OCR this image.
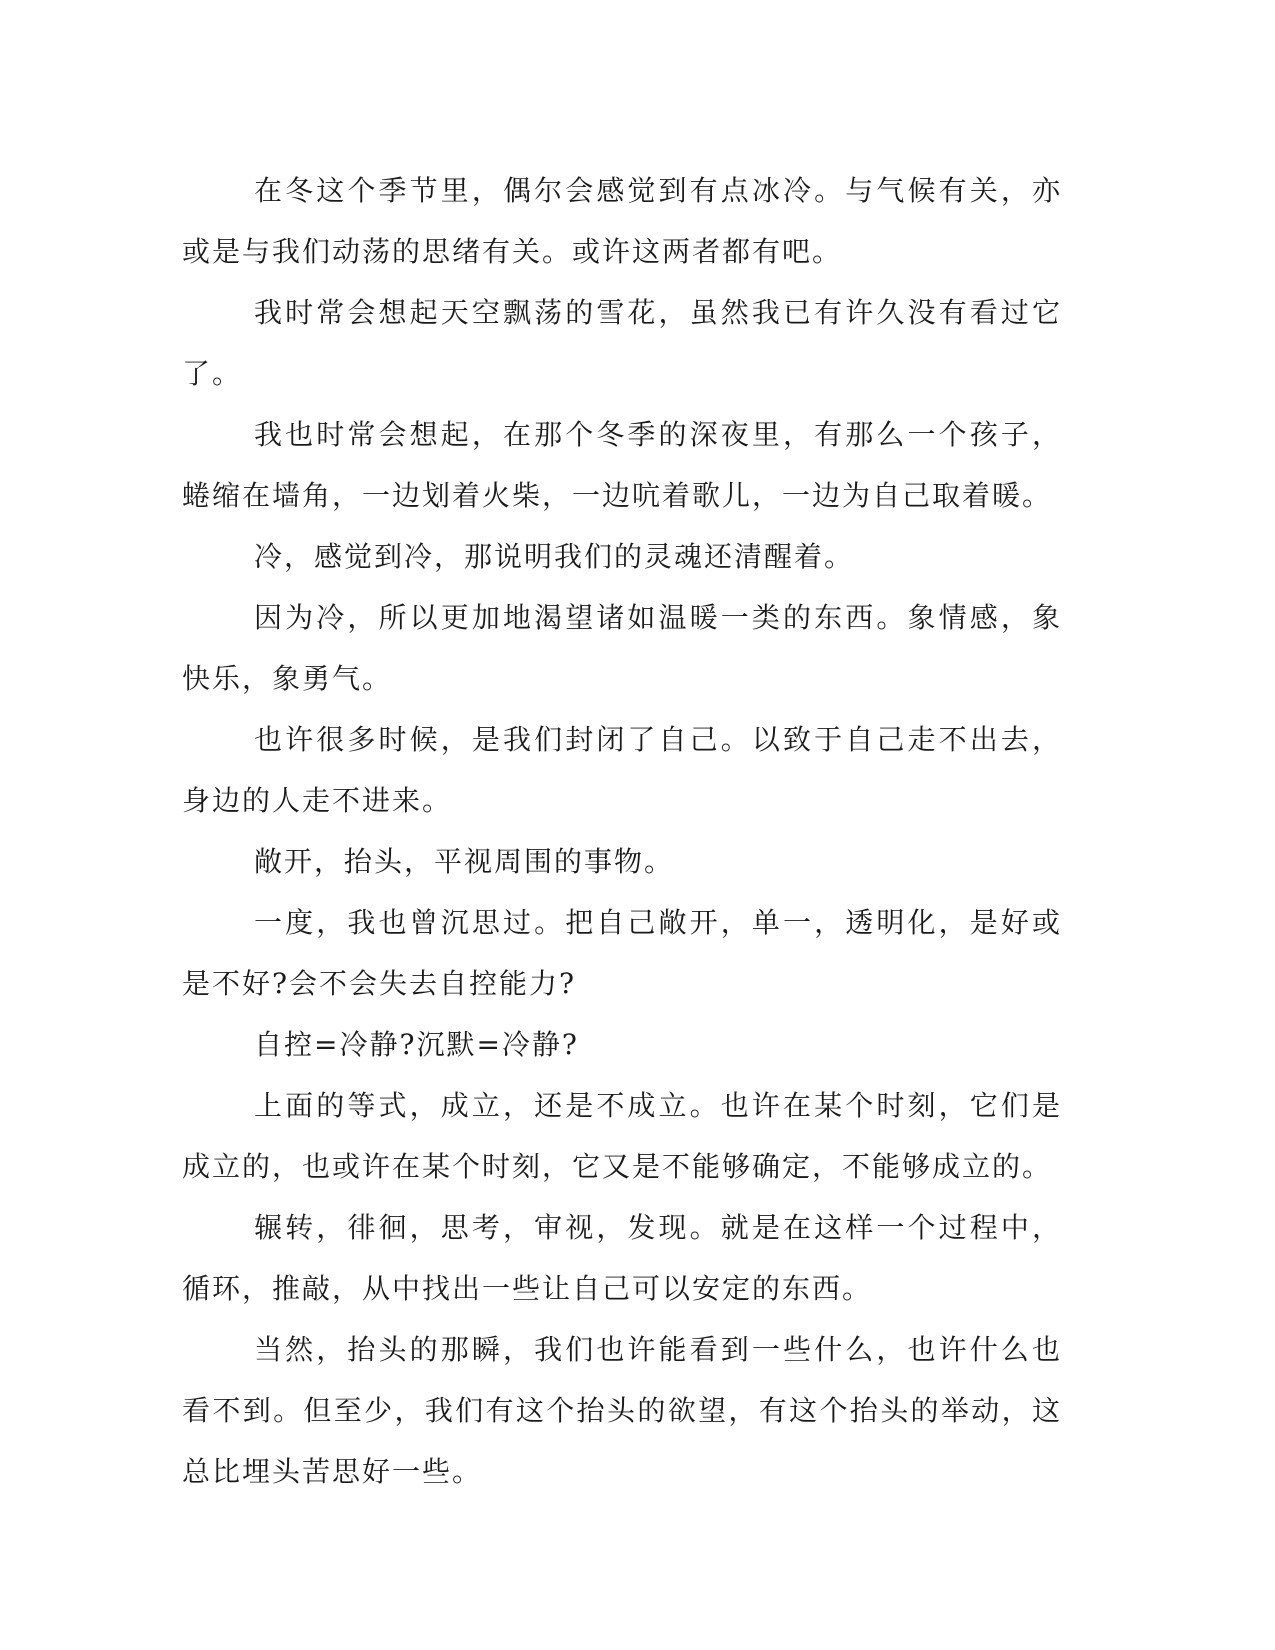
在冬这个季节里，偶尔会感觉到有点冰冷。与气候有关，亦或是与我们动荡的思绪有关。或许这两者都有吧。

我时常会想起天空飘荡的雪花，虽然我已有许久没有看过它了。

我也时常会想起，在那个冬季的深夜里，有那么一个孩子，蜷缩在墙角，一边划着火柴，一边吭着歌儿，一边为自己取着暖。

冷，感觉到冷，那说明我们的灵魂还清醒着。

因为冷，所以更加地渴望诸如温暖一类的东西。象情感，象快乐，象勇气。

也许很多时候，是我们封闭了自己。以致于自己走不出去，身边的人走不进来。

敞开，抬头，平视周围的事物。

一度，我也曾沉思过。把自己敞开，单一，透明化，是好或是不好?会不会失去自控能力?

自控=冷静?沉默=冷静?

上面的等式，成立，还是不成立。也许在某个时刻，它们是成立的，也或许在某个时刻，它又是不能够确定，不能够成立的。

辗转，徘徊，思考，审视，发现。就是在这样一个过程中，循环，推敲，从中找出一些让自己可以安定的东西。

当然，抬头的那瞬，我们也许能看到一些什么，也许什么也看不到。但至少，我们有这个抬头的欲望，有这个抬头的举动，这总比埋头苦思好一些。
